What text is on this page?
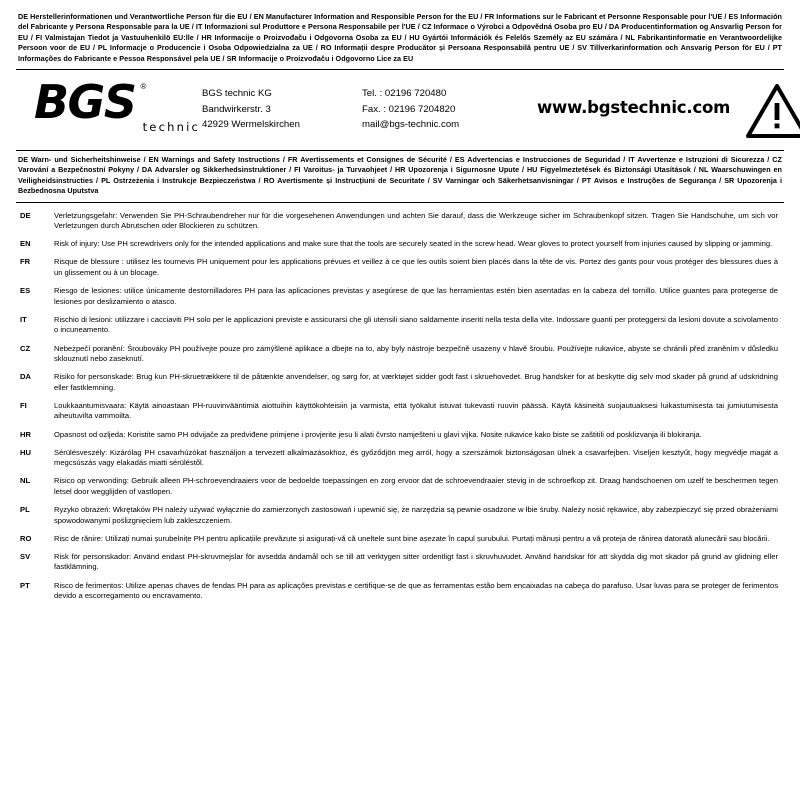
DE Herstellerinformationen und Verantwortliche Person für die EU / EN Manufacturer Information and Responsible Person for the EU / FR Informations sur le Fabricant et Personne Responsable pour l'UE / ES Información del Fabricante y Persona Responsable para la UE / IT Informazioni sul Produttore e Persona Responsabile per l'UE / CZ Informace o Výrobci a Odpovědná Osoba pro EU / DA Producentinformation og Ansvarlig Person for EU / FI Valmistajan Tiedot ja Vastuuhenkilö EU:lle / HR Informacije o Proizvođaču i Odgovorna Osoba za EU / HU Gyártói Információk és Felelős Személy az EU számára / NL Fabrikantinformatie en Verantwoordelijke Persoon voor de EU / PL Informacje o Producencie i Osoba Odpowiedzialna za UE / RO Informații despre Producător și Persoana Responsabilă pentru UE / SV Tillverkarinformation och Ansvarig Person för EU / PT Informações do Fabricante e Pessoa Responsável pela UE / SR Informacije o Proizvođaču i Odgovorno Lice za EU
BGS ®
technic
BGS technic KG
Bandwirkerstr. 3
42929 Wermelskirchen
Tel. : 02196 720480
Fax. : 02196 7204820
mail@bgs-technic.com
www.bgstechnic.com
DE Warn- und Sicherheitshinweise / EN Warnings and Safety Instructions / FR Avertissements et Consignes de Sécurité / ES Advertencias e Instrucciones de Seguridad / IT Avvertenze e Istruzioni di Sicurezza / CZ Varování a Bezpečnostní Pokyny / DA Advarsler og Sikkerhedsinstruktioner / FI Varoitus- ja Turvaohjeet / HR Upozorenja i Sigurnosne Upute / HU Figyelmeztetések és Biztonsági Utasítások / NL Waarschuwingen en Veiligheidsinstructies / PL Ostrzeżenia i Instrukcje Bezpieczeństwa / RO Avertismente și Instrucțiuni de Securitate / SV Varningar och Säkerhetsanvisningar / PT Avisos e Instruções de Segurança / SR Upozorenja i Bezbednosna Uputstva
DE	Verletzungsgefahr: Verwenden Sie PH-Schraubendreher nur für die vorgesehenen Anwendungen und achten Sie darauf, dass die Werkzeuge sicher im Schraubenkopf sitzen. Tragen Sie Handschuhe, um sich vor Verletzungen durch Abrutschen oder Blockieren zu schützen.
EN	Risk of injury: Use PH screwdrivers only for the intended applications and make sure that the tools are securely seated in the screw head. Wear gloves to protect yourself from injuries caused by slipping or jamming.
FR	Risque de blessure : utilisez les tournevis PH uniquement pour les applications prévues et veillez à ce que les outils soient bien placés dans la tête de vis. Portez des gants pour vous protéger des blessures dues à un glissement ou à un blocage.
ES	Riesgo de lesiones: utilice únicamente destornilladores PH para las aplicaciones previstas y asegúrese de que las herramientas estén bien asentadas en la cabeza del tornillo. Utilice guantes para protegerse de lesiones por deslizamiento o atasco.
IT	Rischio di lesioni: utilizzare i cacciaviti PH solo per le applicazioni previste e assicurarsi che gli utensili siano saldamente inseriti nella testa della vite. Indossare guanti per proteggersi da lesioni dovute a scivolamento o incuneamento.
CZ	Nebezpečí poranění: Šroubováky PH používejte pouze pro zamýšlené aplikace a dbejte na to, aby byly nástroje bezpečně usazeny v hlavě šroubu. Používejte rukavice, abyste se chránili před zraněním v důsledku sklouznutí nebo zaseknutí.
DA	Risiko for personskade: Brug kun PH-skruetrækkere til de påtænkte anvendelser, og sørg for, at værktøjet sidder godt fast i skruehovedet. Brug handsker for at beskytte dig selv mod skader på grund af udskridning eller fastklemning.
FI	Loukkaantumisvaara: Käytä ainoastaan PH-ruuvinvääntimiä aiottuihin käyttökohteisiin ja varmista, että työkalut istuvat tukevasti ruuvin päässä. Käytä käsineitä suojautuaksesi luikastumisesta tai jumiutumisesta aiheutuvilta vammoilta.
HR	Opasnost od ozljeda: Koristite samo PH odvijače za predviđene primjene i provjerite jesu li alati čvrsto namješteni u glavi vijka. Nosite rukavice kako biste se zaštitili od posklizvanja ili blokiranja.
HU	Sérülésveszély: Kizárólag PH csavarhúzókat használjon a tervezett alkalmazásokhoz, és győződjön meg arról, hogy a szerszámok biztonságosan ülnek a csavarfejben. Viseljen kesztyűt, hogy megvédje magát a megcsúszás vagy elakadás miatti sérüléstől.
NL	Risico op verwonding: Gebruik alleen PH-schroevendraaiers voor de bedoelde toepassingen en zorg ervoor dat de schroevendraaier stevig in de schroefkop zit. Draag handschoenen om uzelf te beschermen tegen letsel door wegglijden of vastlopen.
PL	Ryzyko obrażeń: Wkrętaków PH należy używać wyłącznie do zamierzonych zastosowań i upewnić się, że narzędzia są pewnie osadzone w łbie śruby. Należy nosić rękawice, aby zabezpieczyć się przed obrażeniami spowodowanymi poślizgnięciem lub zakleszczeniem.
RO	Risc de rănire: Utilizați numai șurubelnițe PH pentru aplicațiile prevăzute și asigurați-vă că uneltele sunt bine așezate în capul șurubului. Purtați mănuși pentru a vă proteja de rănirea datorată alunecării sau blocării.
SV	Risk för personskador: Använd endast PH-skruvmejslar för avsedda ändamål och se till att verktygen sitter ordentligt fast i skruvhuvudet. Använd handskar för att skydda dig mot skador på grund av glidning eller fastklämning.
PT	Risco de ferimentos: Utilize apenas chaves de fendas PH para as aplicações previstas e certifique-se de que as ferramentas estão bem encaixadas na cabeça do parafuso. Usar luvas para se proteger de ferimentos devido a escorregamento ou encravamento.
